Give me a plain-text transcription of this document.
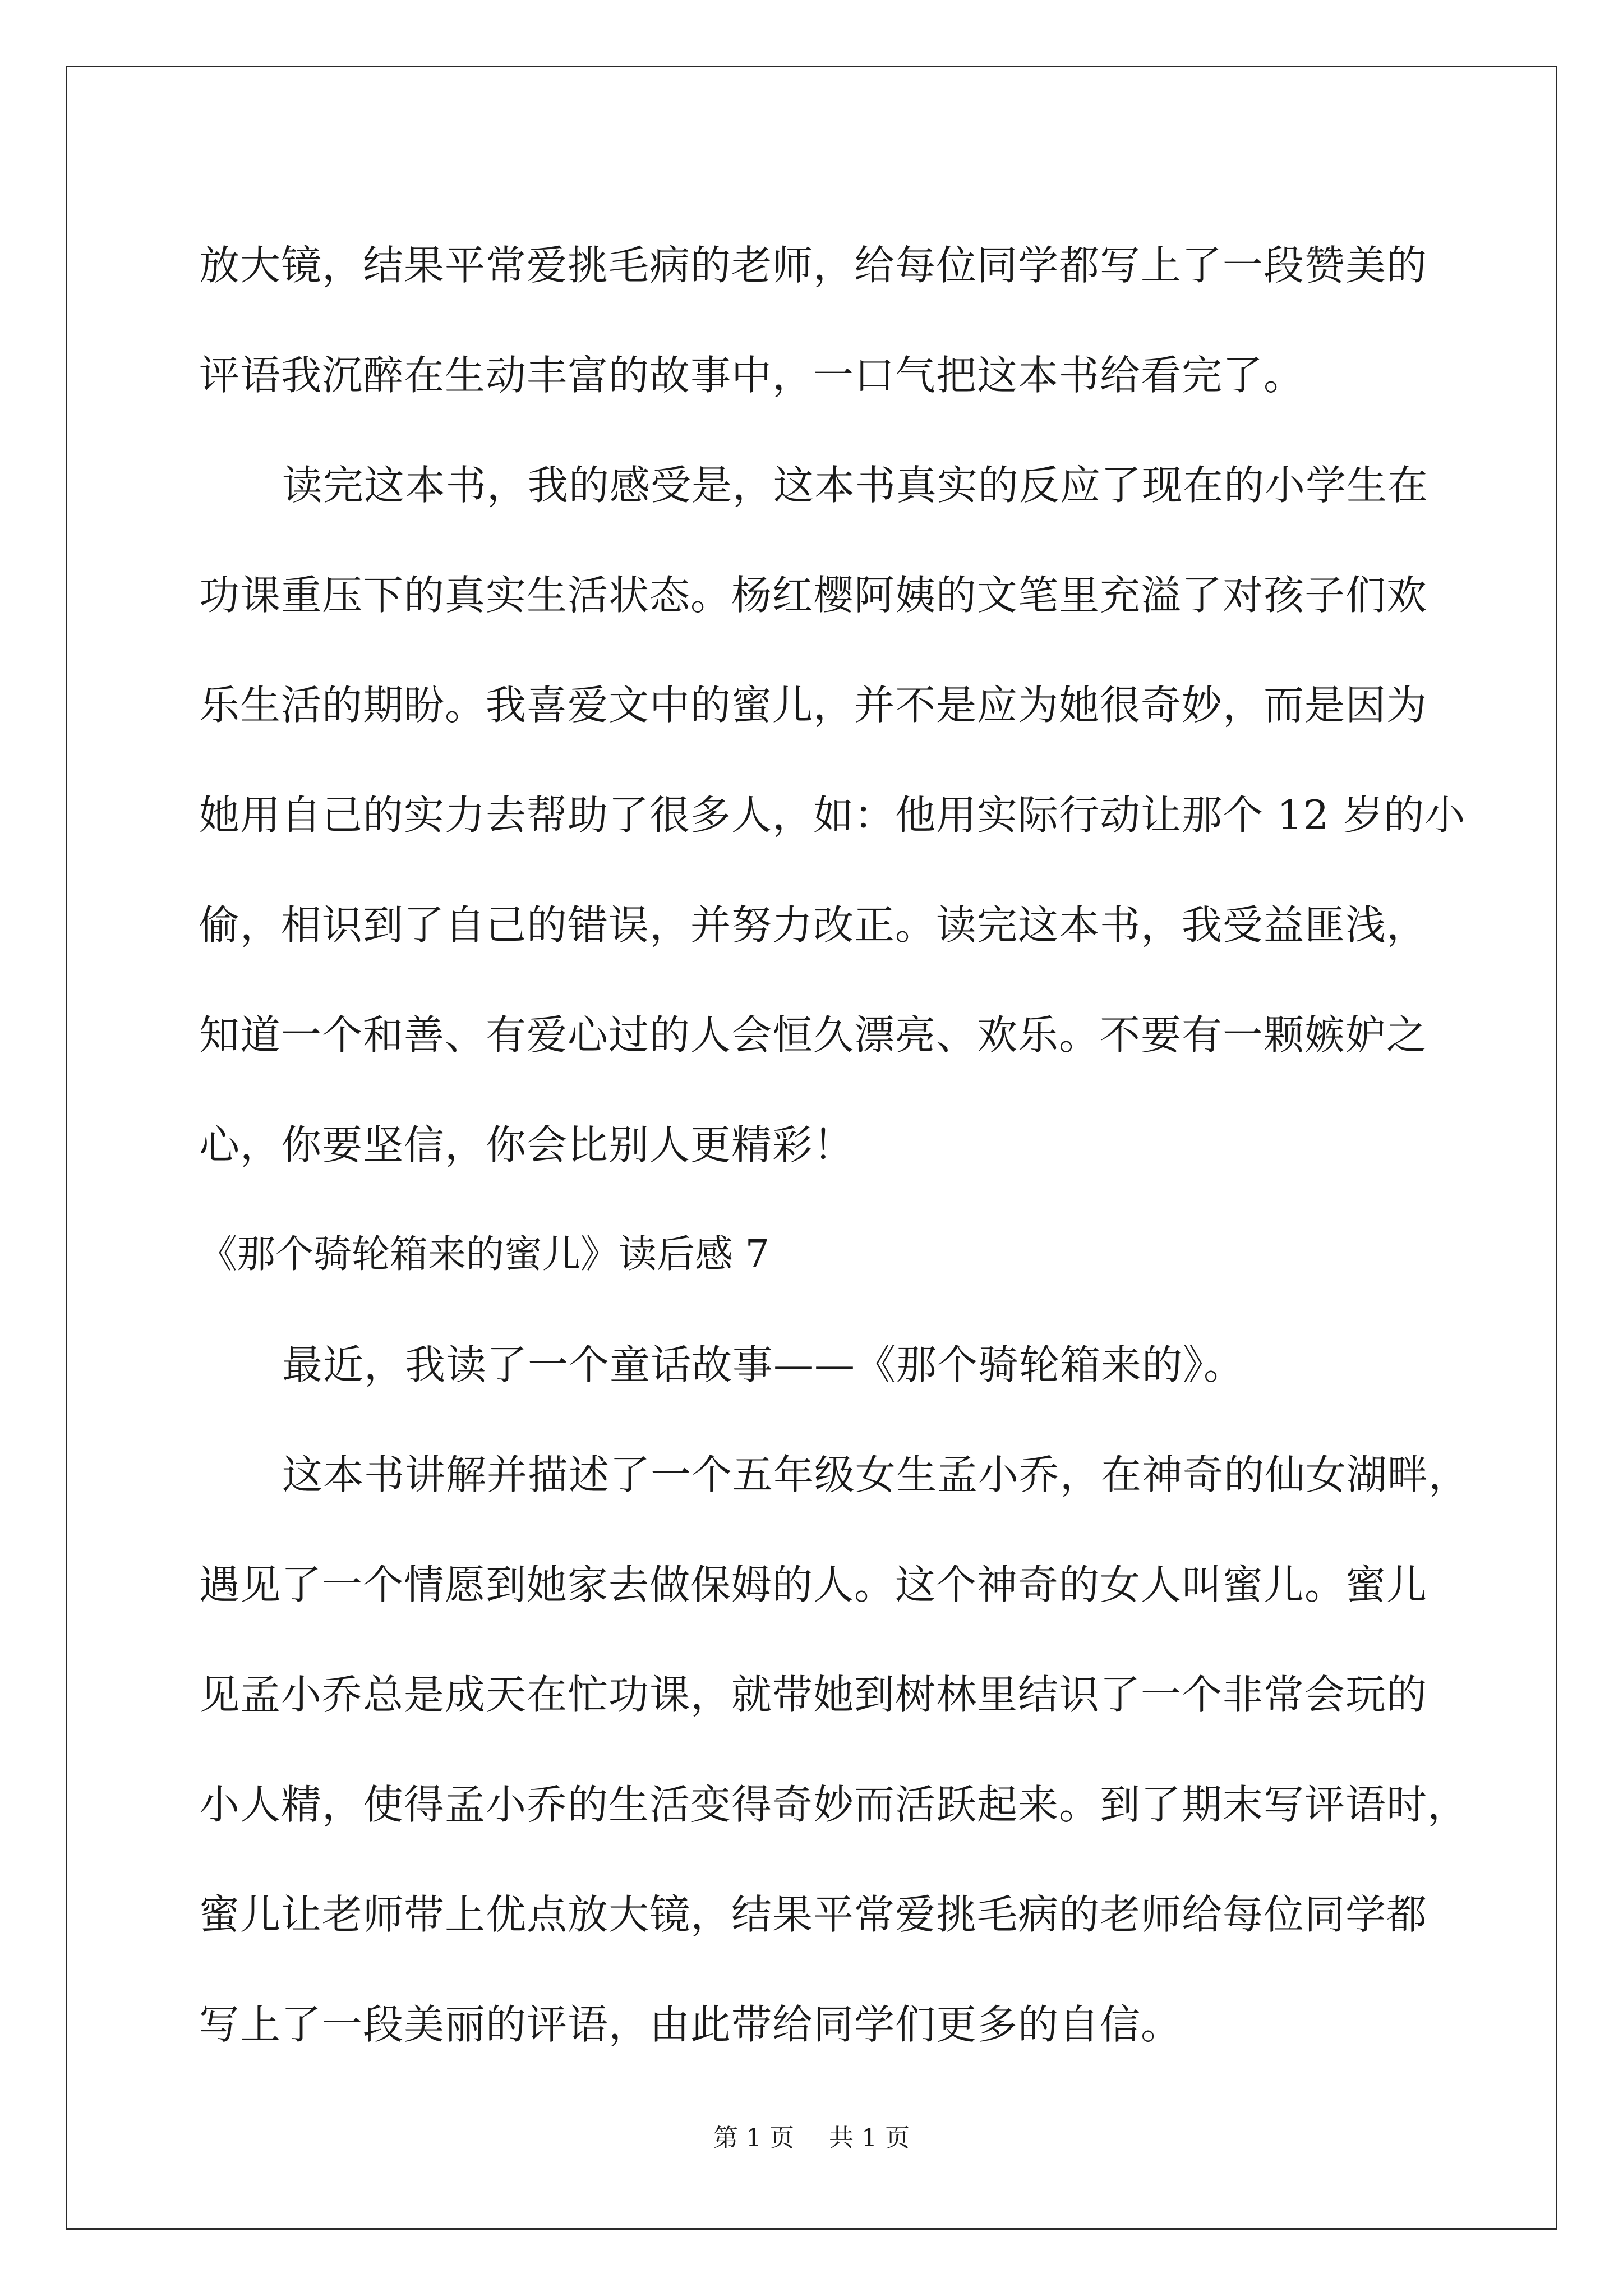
放大镜，结果平常爱挑毛病的老师，给每位同学都写上了一段赞美的
评语我沉醉在生动丰富的故事中，一口气把这本书给看完了。
读完这本书，我的感受是，这本书真实的反应了现在的小学生在
功课重压下的真实生活状态。杨红樱阿姨的文笔里充溢了对孩子们欢
乐生活的期盼。我喜爱文中的蜜儿，并不是应为她很奇妙，而是因为
她用自己的实力去帮助了很多人，如：他用实际行动让那个 12 岁的小
偷，相识到了自己的错误，并努力改正。读完这本书，我受益匪浅，
知道一个和善、有爱心过的人会恒久漂亮、欢乐。不要有一颗嫉妒之
心，你要坚信，你会比别人更精彩！
《那个骑轮箱来的蜜儿》读后感 7
最近，我读了一个童话故事——《那个骑轮箱来的》。
这本书讲解并描述了一个五年级女生孟小乔，在神奇的仙女湖畔，
遇见了一个情愿到她家去做保姆的人。这个神奇的女人叫蜜儿。蜜儿
见孟小乔总是成天在忙功课，就带她到树林里结识了一个非常会玩的
小人精，使得孟小乔的生活变得奇妙而活跃起来。到了期末写评语时，
蜜儿让老师带上优点放大镜，结果平常爱挑毛病的老师给每位同学都
写上了一段美丽的评语，由此带给同学们更多的自信。
第 1 页 共 1 页
